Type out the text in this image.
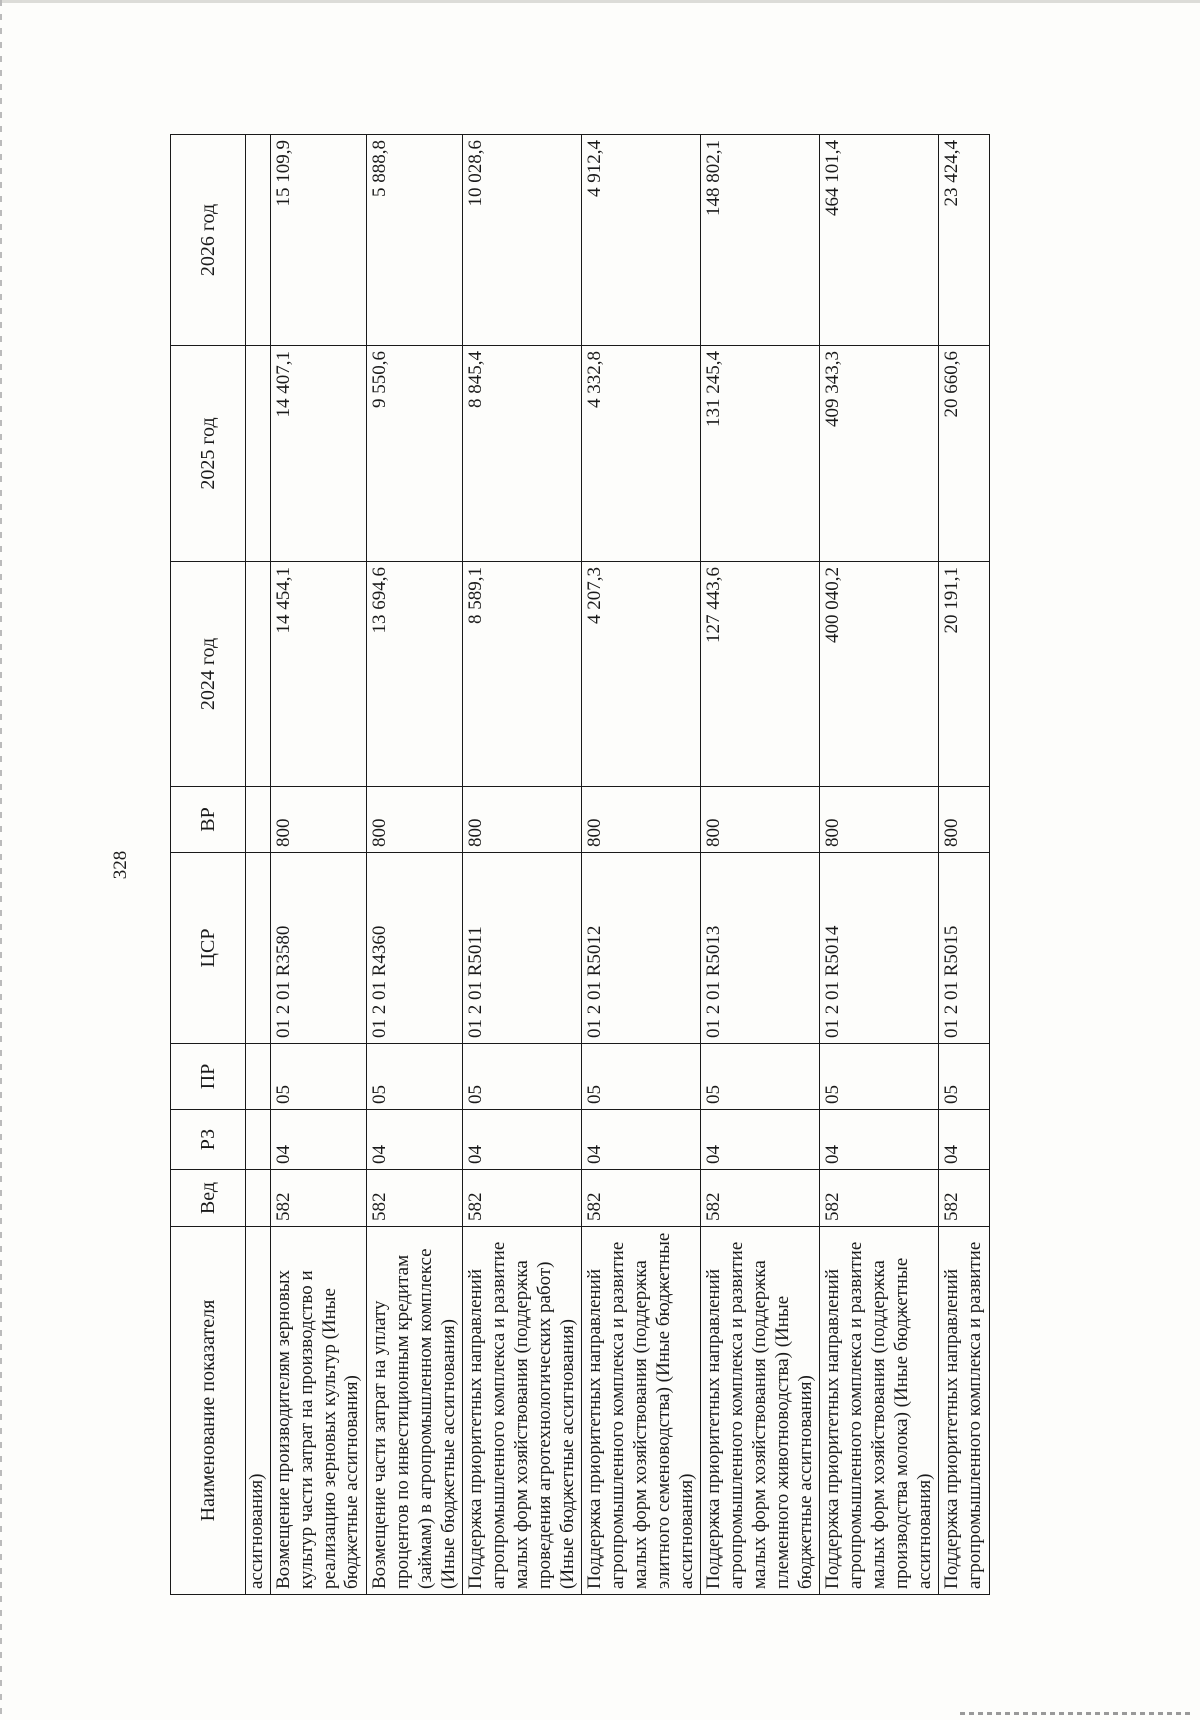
328
Наименование показателя	Вед	РЗ	ПР	ЦСР	ВР	2024 год	2025 год	2026 год
ассигнования)								
Возмещение производителям зерновых культур части затрат на производство и реализацию зерновых культур (Иные бюджетные ассигнования)	582	04	05	01 2 01 R3580	800	14 454,1	14 407,1	15 109,9
Возмещение части затрат на уплату процентов по инвестиционным кредитам (займам) в агропромышленном комплексе (Иные бюджетные ассигнования)	582	04	05	01 2 01 R4360	800	13 694,6	9 550,6	5 888,8
Поддержка приоритетных направлений агропромышленного комплекса и развитие малых форм хозяйствования (поддержка проведения агротехнологических работ) (Иные бюджетные ассигнования)	582	04	05	01 2 01 R5011	800	8 589,1	8 845,4	10 028,6
Поддержка приоритетных направлений агропромышленного комплекса и развитие малых форм хозяйствования (поддержка элитного семеноводства) (Иные бюджетные ассигнования)	582	04	05	01 2 01 R5012	800	4 207,3	4 332,8	4 912,4
Поддержка приоритетных направлений агропромышленного комплекса и развитие малых форм хозяйствования (поддержка племенного животноводства) (Иные бюджетные ассигнования)	582	04	05	01 2 01 R5013	800	127 443,6	131 245,4	148 802,1
Поддержка приоритетных направлений агропромышленного комплекса и развитие малых форм хозяйствования (поддержка производства молока) (Иные бюджетные ассигнования)	582	04	05	01 2 01 R5014	800	400 040,2	409 343,3	464 101,4
Поддержка приоритетных направлений агропромышленного комплекса и развитие	582	04	05	01 2 01 R5015	800	20 191,1	20 660,6	23 424,4
